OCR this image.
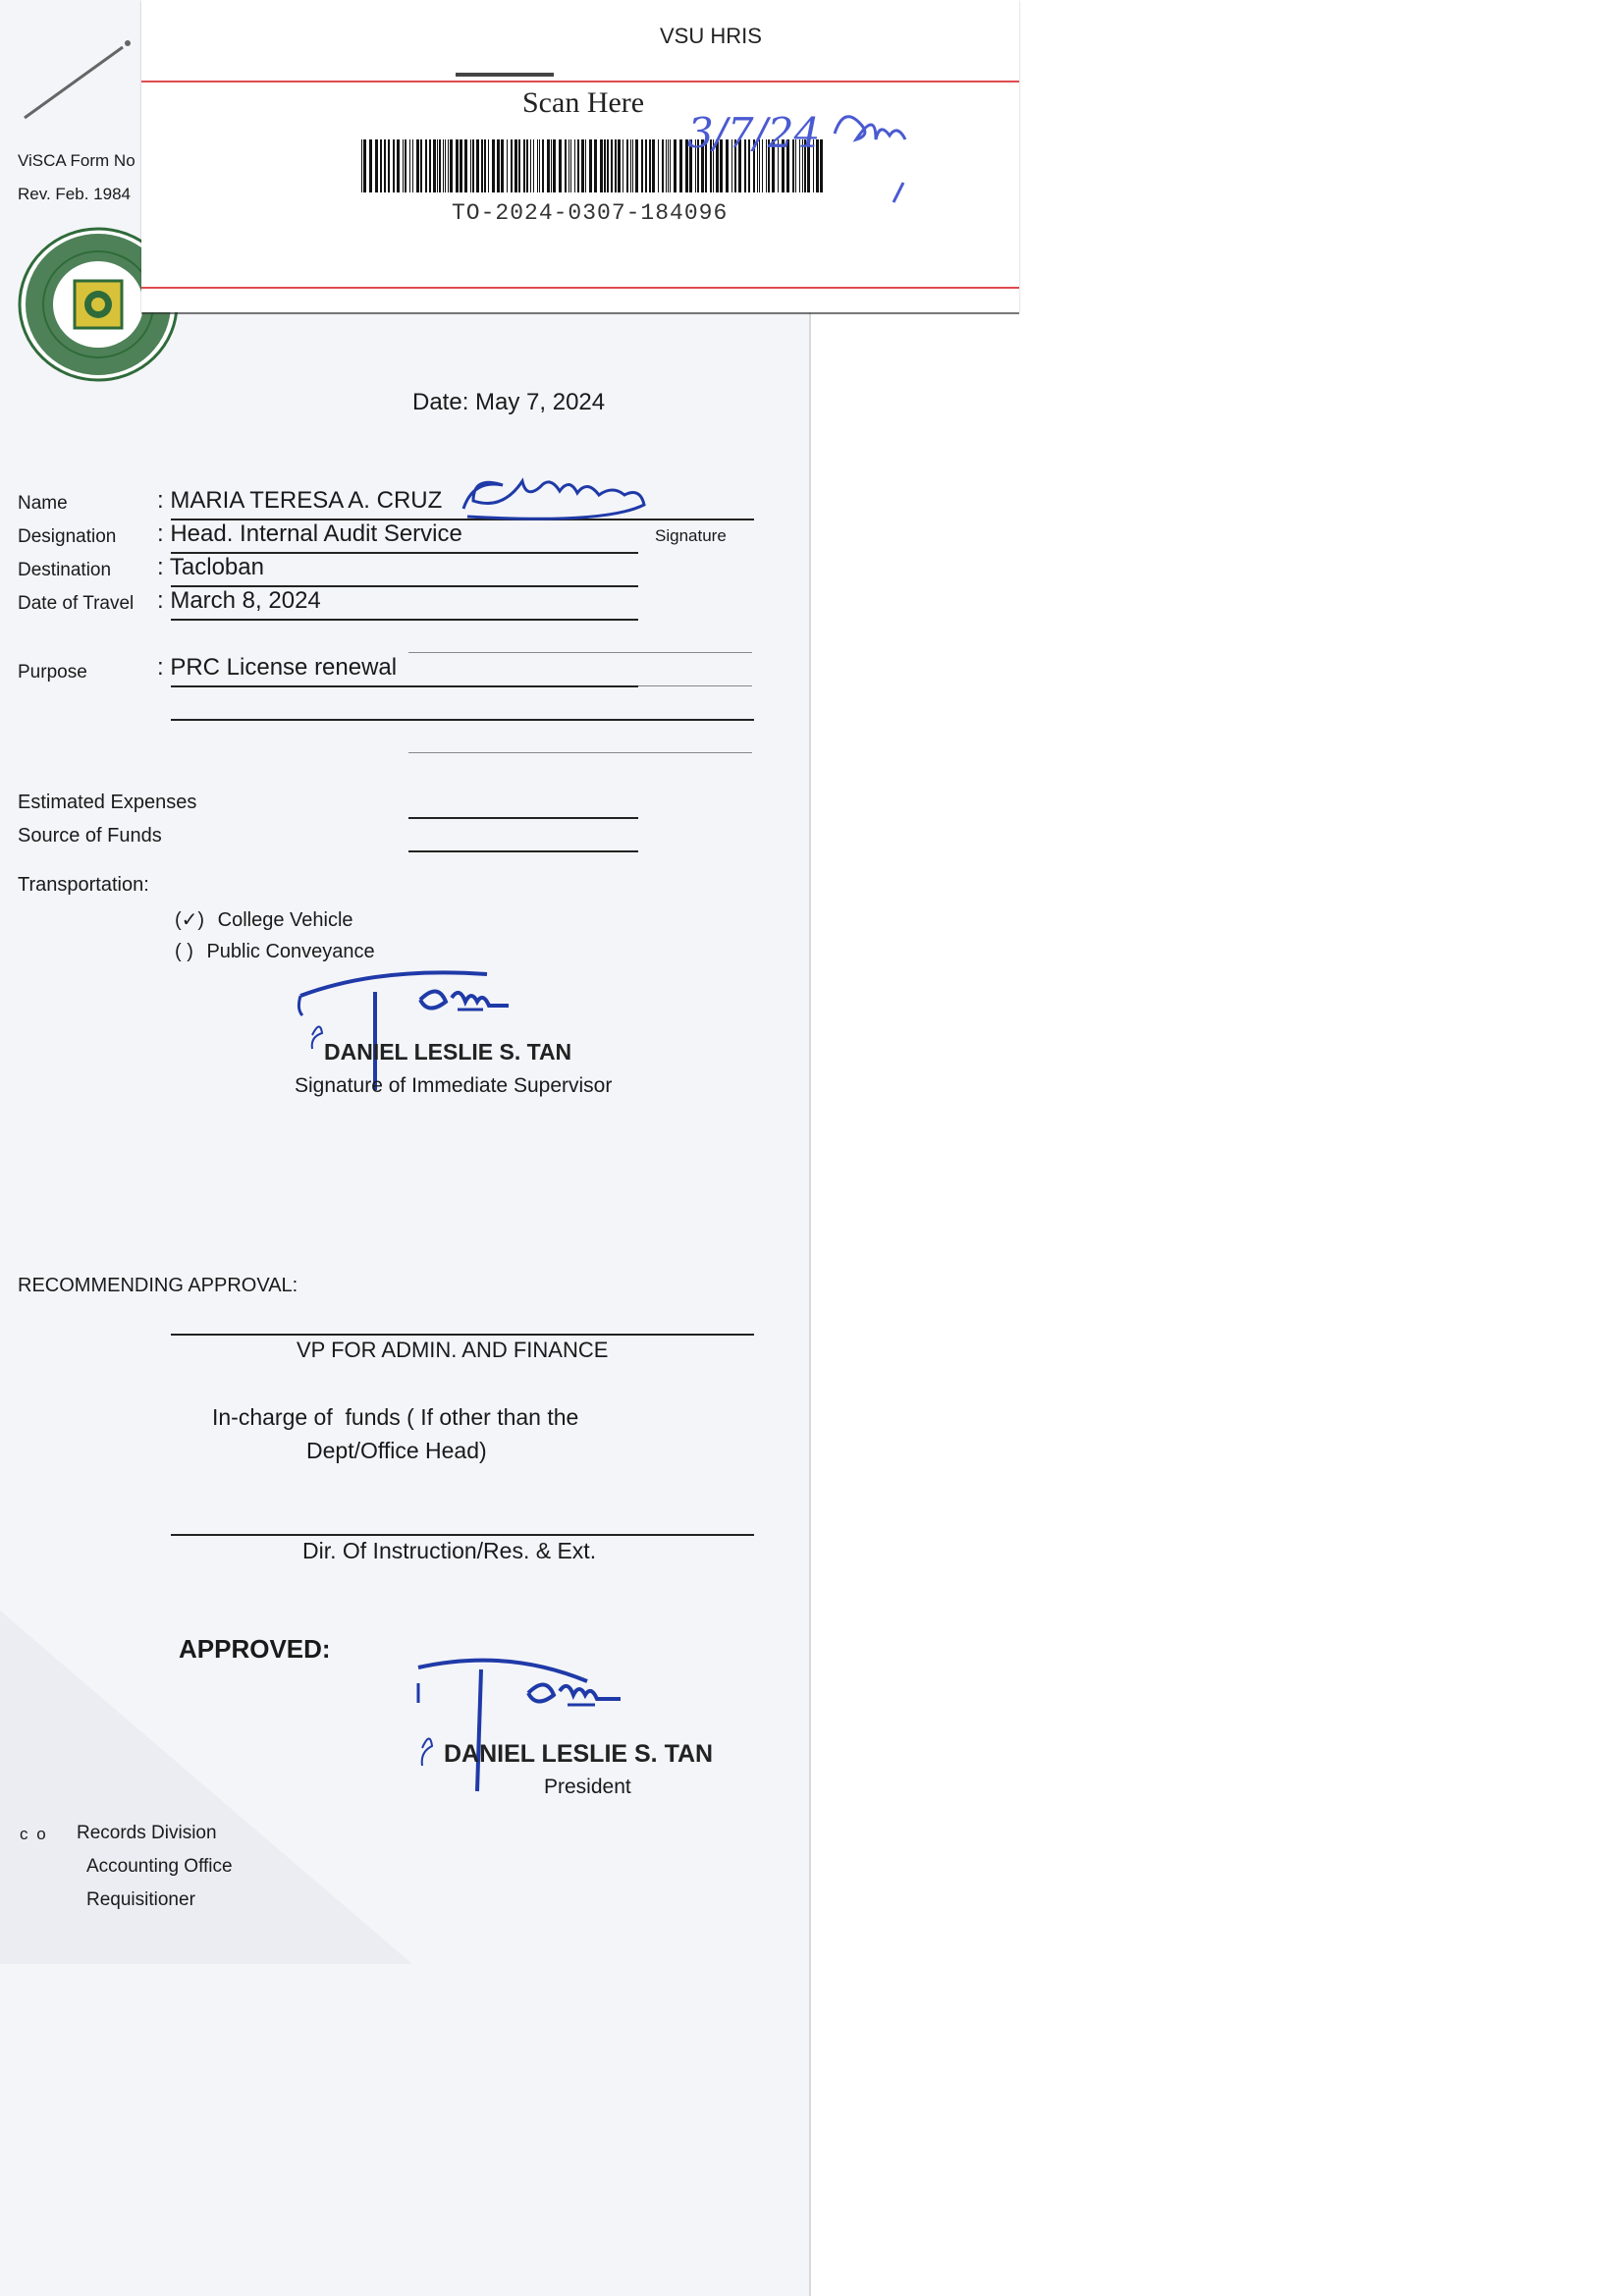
ViSCA Form No
Rev. Feb. 1984
Scan Here
TO-2024-0307-184096
3/7/24
VSU HRIS
Date: May 7, 2024
Name	: MARIA TERESA A. CRUZ
Signature
Designation : Head. Internal Audit Service
Destination : Tacloban
Date of Travel : March 8, 2024
Purpose	: PRC License renewal
Estimated Expenses
Source of Funds
Transportation:
(✓) College Vehicle
( ) Public Conveyance
DANIEL LESLIE S. TAN
Signature of Immediate Supervisor
RECOMMENDING APPROVAL:
VP FOR ADMIN. AND FINANCE
In-charge of  funds ( If other than the
Dept/Office Head)
Dir. Of Instruction/Res. & Ext.
APPROVED:
DANIEL LESLIE S. TAN
President
c o Records Division
Accounting Office
Requisitioner
